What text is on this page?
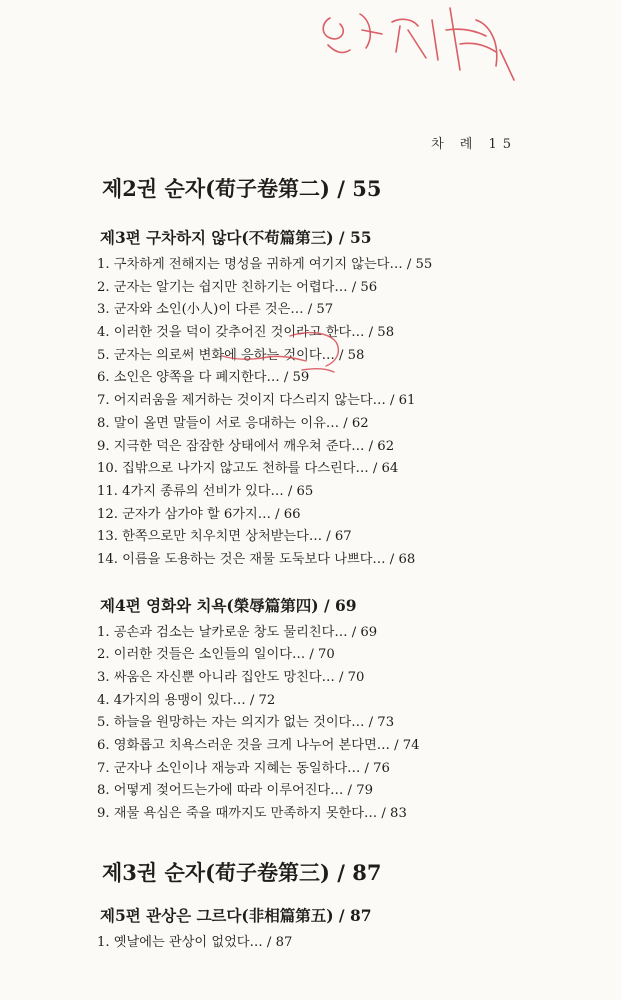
차 례 15
제2권 순자(荀子卷第二) / 55
제3편 구차하지 않다(不苟篇第三) / 55
1. 구차하게 전해지는 명성을 귀하게 여기지 않는다… / 55
2. 군자는 알기는 쉽지만 친하기는 어렵다… / 56
3. 군자와 소인(小人)이 다른 것은… / 57
4. 이러한 것을 덕이 갖추어진 것이라고 한다… / 58
5. 군자는 의로써 변화에 응하는 것이다… / 58
6. 소인은 양쪽을 다 폐지한다… / 59
7. 어지러움을 제거하는 것이지 다스리지 않는다… / 61
8. 말이 올면 말들이 서로 응대하는 이유… / 62
9. 지극한 덕은 잠잠한 상태에서 깨우쳐 준다… / 62
10. 집밖으로 나가지 않고도 천하를 다스린다… / 64
11. 4가지 종류의 선비가 있다… / 65
12. 군자가 삼가야 할 6가지… / 66
13. 한쪽으로만 치우치면 상처받는다… / 67
14. 이름을 도용하는 것은 재물 도둑보다 나쁘다… / 68
제4편 영화와 치욕(榮辱篇第四) / 69
1. 공손과 검소는 날카로운 창도 물리친다… / 69
2. 이러한 것들은 소인들의 일이다… / 70
3. 싸움은 자신뿐 아니라 집안도 망친다… / 70
4. 4가지의 용맹이 있다… / 72
5. 하늘을 원망하는 자는 의지가 없는 것이다… / 73
6. 영화롭고 치욕스러운 것을 크게 나누어 본다면… / 74
7. 군자나 소인이나 재능과 지혜는 동일하다… / 76
8. 어떻게 젖어드는가에 따라 이루어진다… / 79
9. 재물 욕심은 죽을 때까지도 만족하지 못한다… / 83
제3권 순자(荀子卷第三) / 87
제5편 관상은 그르다(非相篇第五) / 87
1. 옛날에는 관상이 없었다… / 87
